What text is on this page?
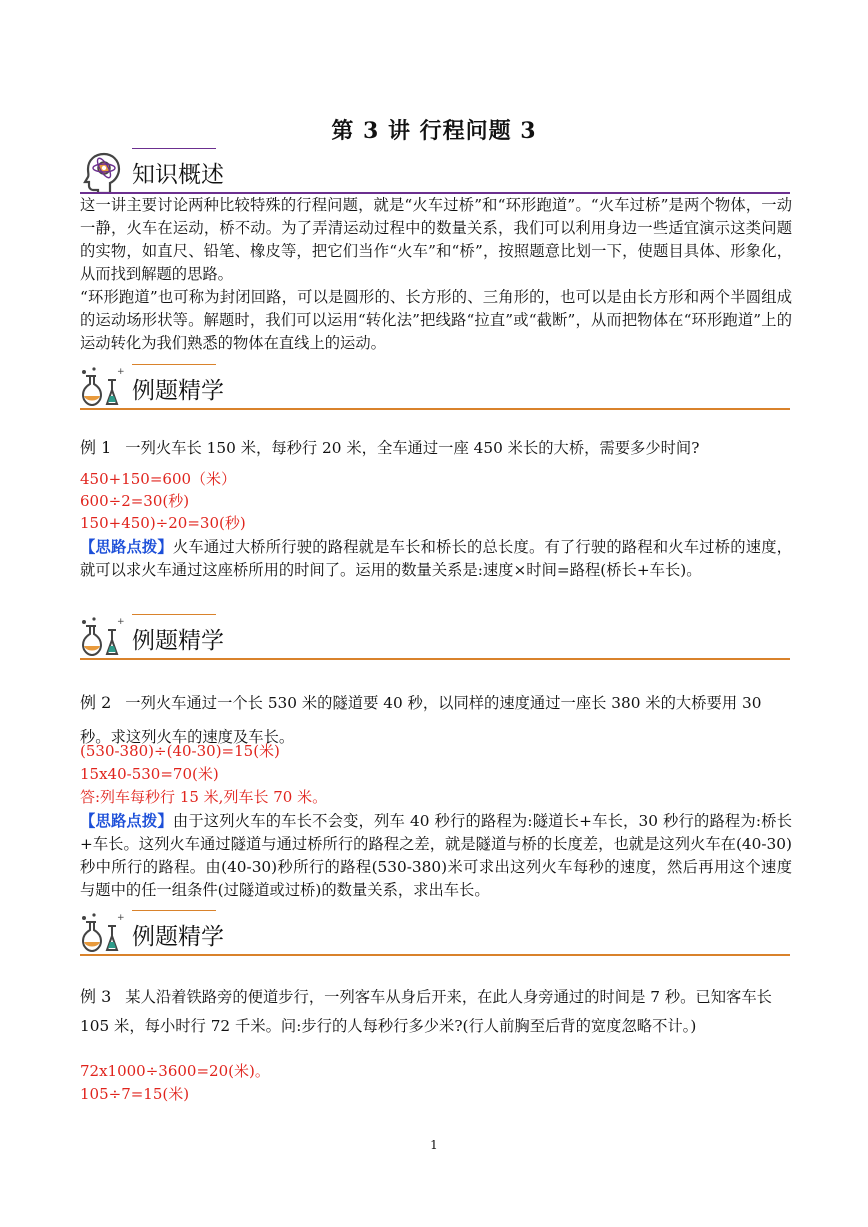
第 3 讲 行程问题 3
知识概述

这一讲主要讨论两种比较特殊的行程问题，就是“火车过桥”和“环形跑道”。“火车过桥”是两个物体，一动一静，火车在运动，桥不动。为了弄清运动过程中的数量关系，我们可以利用身边一些适宜演示这类问题的实物，如直尺、铅笔、橡皮等，把它们当作“火车”和“桥”，按照题意比划一下，使题目具体、形象化，从而找到解题的思路。

“环形跑道”也可称为封闭回路，可以是圆形的、长方形的、三角形的，也可以是由长方形和两个半圆组成的运动场形状等。解题时，我们可以运用“转化法”把线路“拉直”或“截断”，从而把物体在“环形跑道”上的运动转化为我们熟悉的物体在直线上的运动。

+
例题精学

例 1 一列火车长 150 米，每秒行 20 米，全车通过一座 450 米长的大桥，需要多少时间?

450+150=600（米）
600÷2=30(秒)
150+450)÷20=30(秒)

【思路点拨】火车通过大桥所行驶的路程就是车长和桥长的总长度。有了行驶的路程和火车过桥的速度，就可以求火车通过这座桥所用的时间了。运用的数量关系是:速度×时间=路程(桥长+车长)。

+
例题精学

例 2 一列火车通过一个长 530 米的隧道要 40 秒，以同样的速度通过一座长 380 米的大桥要用 30 秒。求这列火车的速度及车长。

(530-380)÷(40-30)=15(米)
15x40-530=70(米)
答:列车每秒行 15 米,列车长 70 米。

【思路点拨】由于这列火车的车长不会变，列车 40 秒行的路程为:隧道长+车长，30 秒行的路程为:桥长+车长。这列火车通过隧道与通过桥所行的路程之差，就是隧道与桥的长度差，也就是这列火车在(40-30)秒中所行的路程。由(40-30)秒所行的路程(530-380)米可求出这列火车每秒的速度，然后再用这个速度与题中的任一组条件(过隧道或过桥)的数量关系，求出车长。

+
例题精学

例 3 某人沿着铁路旁的便道步行，一列客车从身后开来，在此人身旁通过的时间是 7 秒。已知客车长 105 米，每小时行 72 千米。问:步行的人每秒行多少米?(行人前胸至后背的宽度忽略不计。)

72x1000÷3600=20(米)。
105÷7=15(米)
1
